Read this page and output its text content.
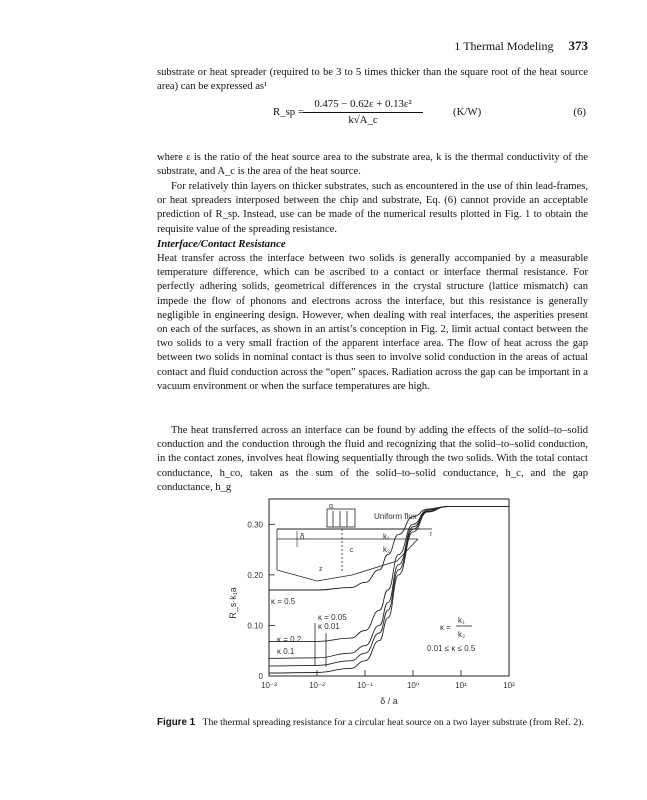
1 Thermal Modeling 373

substrate or heat spreader (required to be 3 to 5 times thicker than the square root of the heat source area) can be expressed as¹

R_sp = $\frac{\text{0.475 − 0.62ε + 0.13ε²}}{k√A\_c}$	(K/W)	(6)

where ε is the ratio of the heat source area to the substrate area, k is the thermal conductivity of the substrate, and A_c is the area of the heat source.

For relatively thin layers on thicker substrates, such as encountered in the use of thin lead-frames, or heat spreaders interposed between the chip and substrate, Eq. (6) cannot provide an acceptable prediction of R_sp. Instead, use can be made of the numerical results plotted in Fig. 1 to obtain the requisite value of the spreading resistance.

Interface/Contact Resistance

Heat transfer across the interface between two solids is generally accompanied by a measurable temperature difference, which can be ascribed to a contact or interface thermal resistance. For perfectly adhering solids, geometrical differences in the crystal structure (lattice mismatch) can impede the flow of phonons and electrons across the interface, but this resistance is generally negligible in engineering design. However, when dealing with real interfaces, the asperities present on each of the surfaces, as shown in an artist’s conception in Fig. 2, limit actual contact between the two solids to a very small fraction of the apparent interface area. The flow of heat across the gap between two solids in nominal contact is thus seen to involve solid conduction in the areas of actual contact and fluid conduction across the “open” spaces. Radiation across the gap can be important in a vacuum environment or when the surface temperatures are high.

The heat transferred across an interface can be found by adding the effects of the solid–to–solid conduction and the conduction through the fluid and recognizing that the solid–to–solid conduction, in the contact zones, involves heat flowing sequentially through the two solids. With the total contact conductance, h_co, taken as the sum of the solid–to–solid conductance, h_c, and the gap conductance, h_g

0
0.10
0.20
0.30
10⁻³	10⁻²	10⁻¹	10⁰	10¹	10²
q
Uniform flux
δ	k₁
k₂
c
z
r
κ = 0.5
κ = 0.05
κ 0.01
κ = 0.2
κ 0.1
κ =
k₁
k₂
0.01 ≤ κ ≤ 0.5
R_s·k₁a
δ / a

Figure 1 The thermal spreading resistance for a circular heat source on a two layer substrate (from Ref. 2).
